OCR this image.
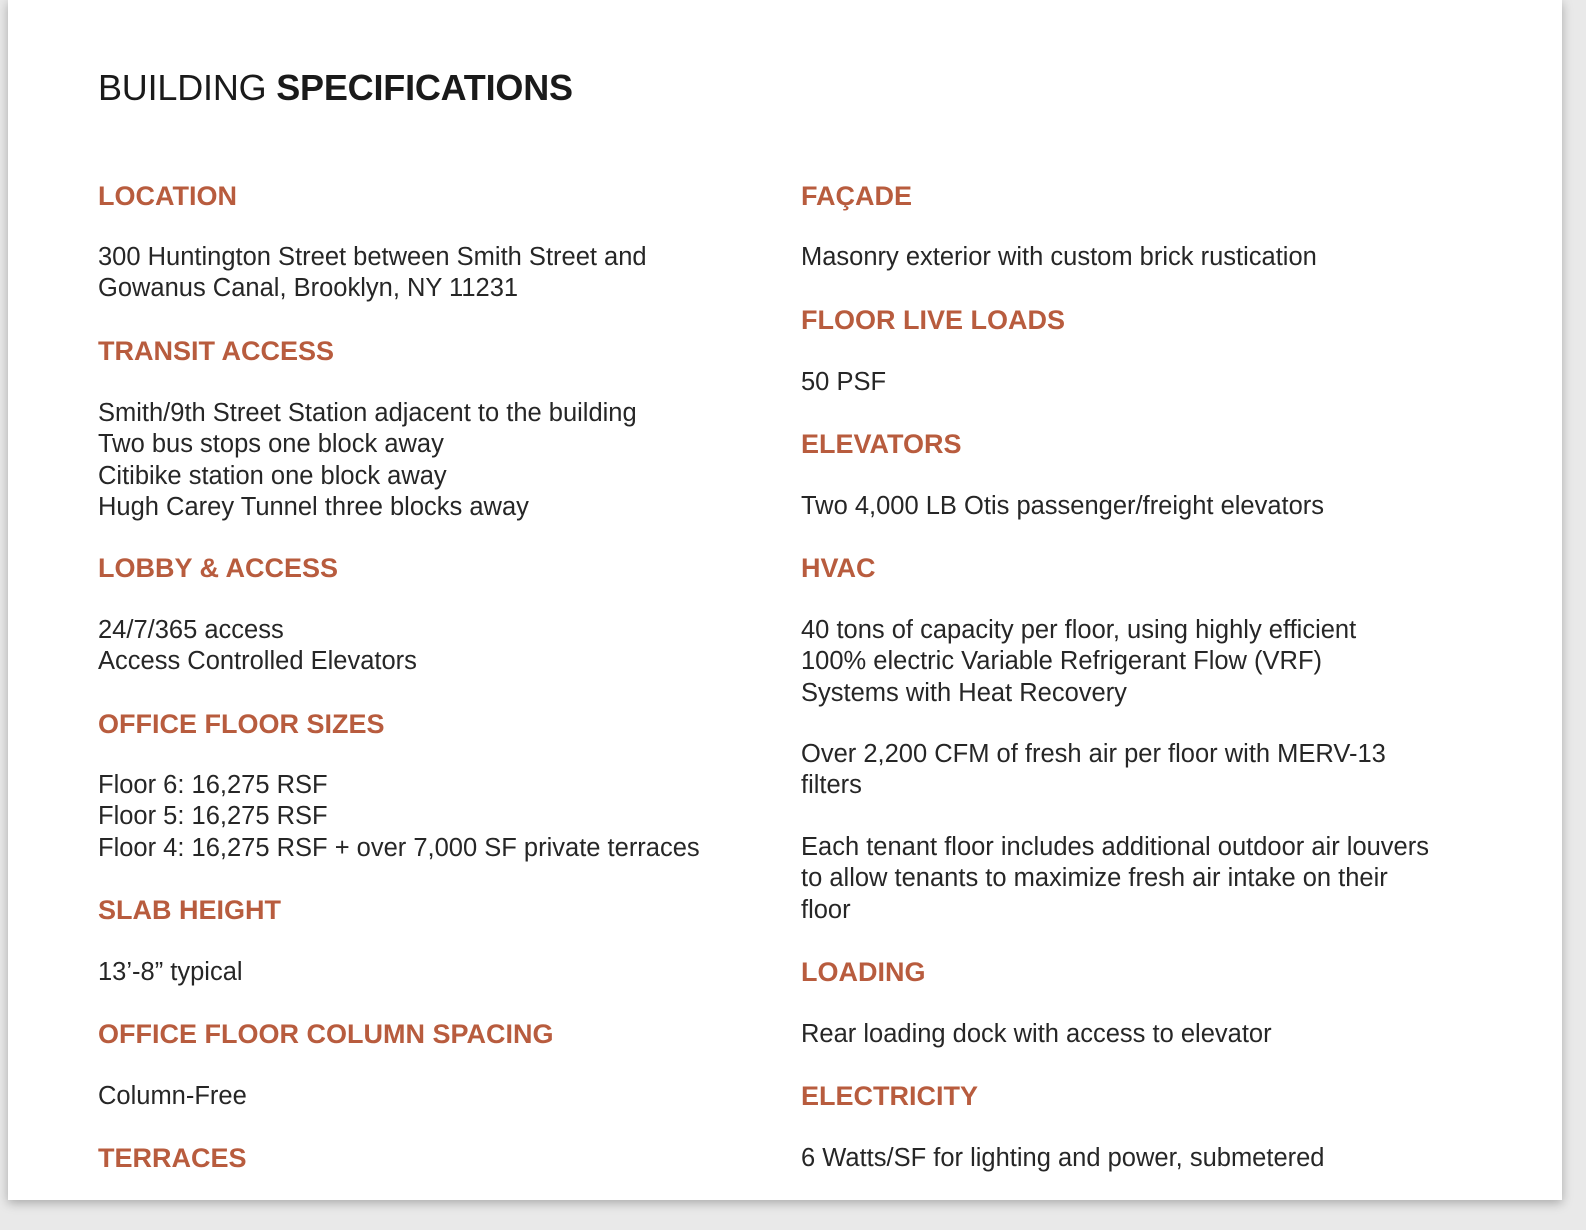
BUILDING SPECIFICATIONS
LOCATION

300 Huntington Street between Smith Street and
Gowanus Canal, Brooklyn, NY 11231

TRANSIT ACCESS

Smith/9th Street Station adjacent to the building
Two bus stops one block away
Citibike station one block away
Hugh Carey Tunnel three blocks away

LOBBY & ACCESS

24/7/365 access
Access Controlled Elevators

OFFICE FLOOR SIZES

Floor 6: 16,275 RSF
Floor 5: 16,275 RSF
Floor 4: 16,275 RSF + over 7,000 SF private terraces

SLAB HEIGHT

13’-8” typical

OFFICE FLOOR COLUMN SPACING

Column-Free

TERRACES
FAÇADE

Masonry exterior with custom brick rustication

FLOOR LIVE LOADS

50 PSF

ELEVATORS

Two 4,000 LB Otis passenger/freight elevators

HVAC

40 tons of capacity per floor, using highly efficient
100% electric Variable Refrigerant Flow (VRF)
Systems with Heat Recovery

Over 2,200 CFM of fresh air per floor with MERV-13
filters

Each tenant floor includes additional outdoor air louvers
to allow tenants to maximize fresh air intake on their
floor

LOADING

Rear loading dock with access to elevator

ELECTRICITY

6 Watts/SF for lighting and power, submetered
